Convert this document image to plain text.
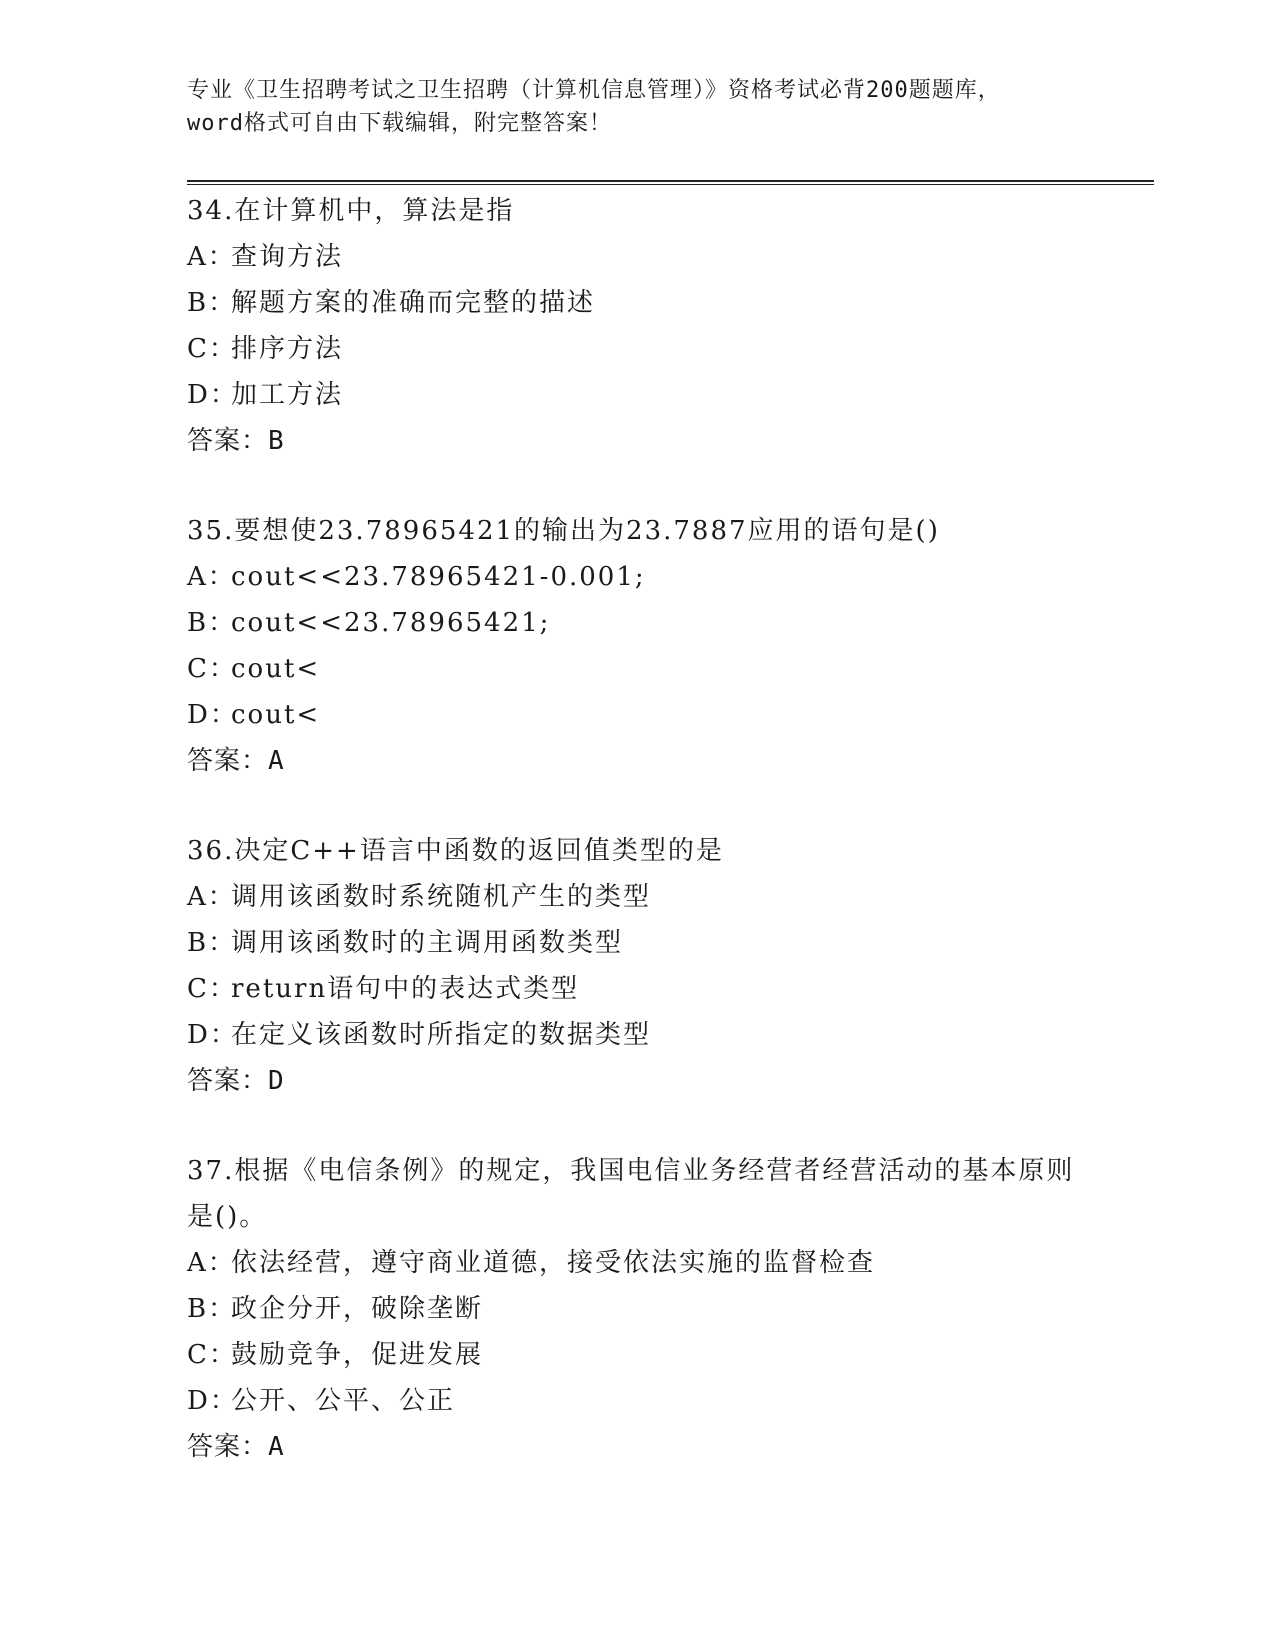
专业《卫生招聘考试之卫生招聘（计算机信息管理）》资格考试必背200题题库，
word格式可自由下载编辑，附完整答案！
34.在计算机中，算法是指
A：查询方法
B：解题方案的准确而完整的描述
C：排序方法
D：加工方法
答案：B
35.要想使23.78965421的输出为23.7887应用的语句是()
A：cout<<23.78965421-0.001;
B：cout<<23.78965421;
C：cout<
D：cout<
答案：A
36.决定C++语言中函数的返回值类型的是
A：调用该函数时系统随机产生的类型
B：调用该函数时的主调用函数类型
C：return语句中的表达式类型
D：在定义该函数时所指定的数据类型
答案：D
37.根据《电信条例》的规定，我国电信业务经营者经营活动的基本原则是()。
A：依法经营，遵守商业道德，接受依法实施的监督检查
B：政企分开，破除垄断
C：鼓励竞争，促进发展
D：公开、公平、公正
答案：A
